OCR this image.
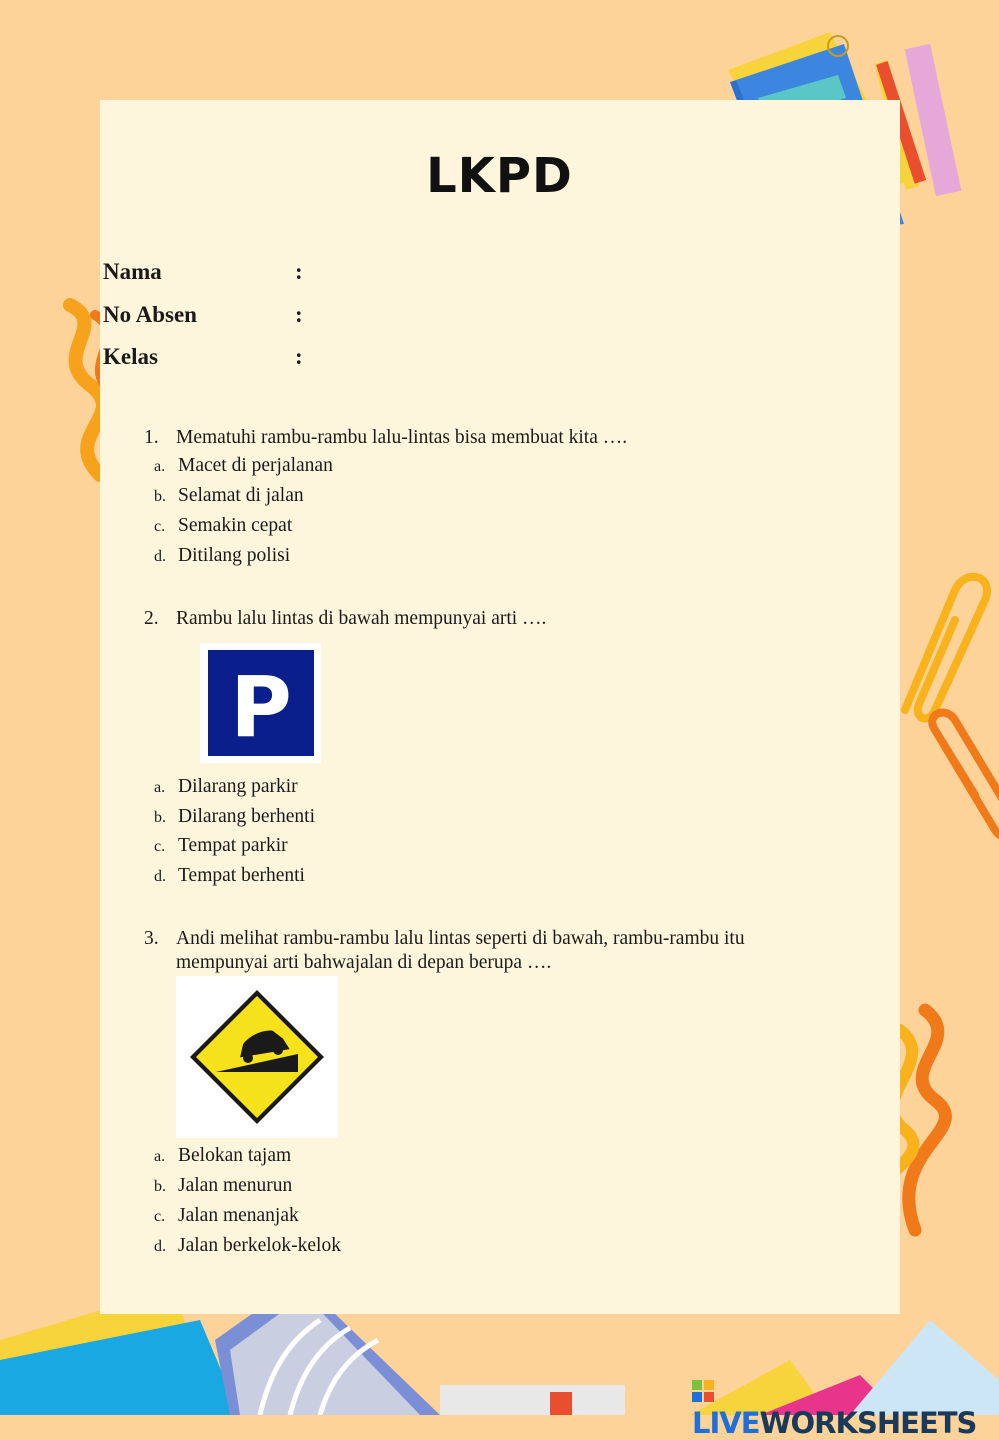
LKPD
Nama	:
No Absen	:
Kelas	:
1. Mematuhi rambu-rambu lalu-lintas bisa membuat kita ….
a. Macet di perjalanan
b. Selamat di jalan
c. Semakin cepat
d. Ditilang polisi
2. Rambu lalu lintas di bawah mempunyai arti ….
P
a. Dilarang parkir
b. Dilarang berhenti
c. Tempat parkir
d. Tempat berhenti
3. Andi melihat rambu-rambu lalu lintas seperti di bawah, rambu-rambu itu
mempunyai arti bahwajalan di depan berupa ….
a. Belokan tajam
b. Jalan menurun
c. Jalan menanjak
d. Jalan berkelok-kelok
LIVEWORKSHEETS
